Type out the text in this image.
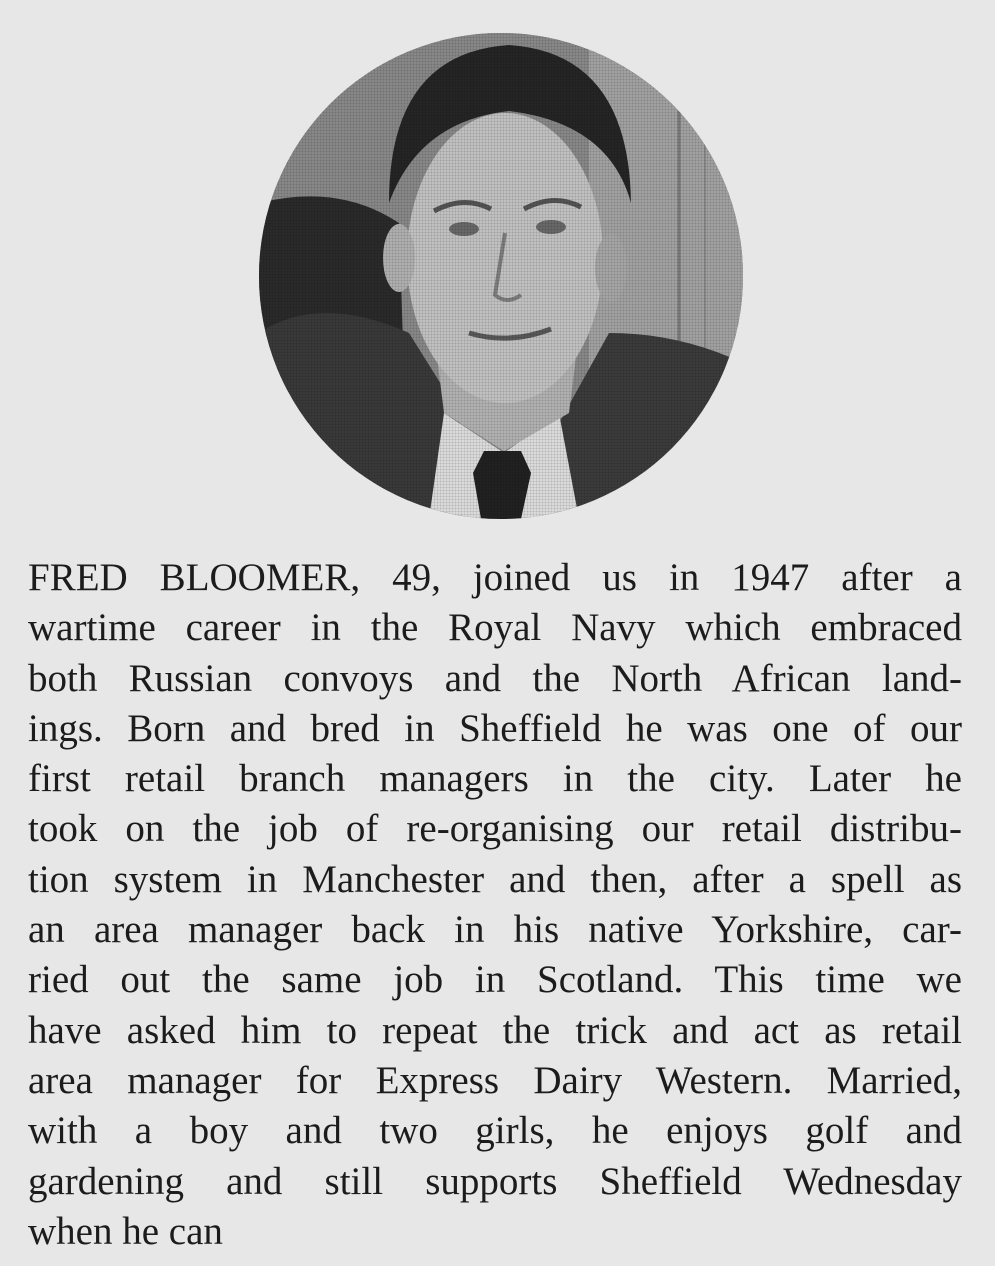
FRED BLOOMER, 49, joined us in 1947 after a
wartime career in the Royal Navy which embraced
both Russian convoys and the North African land-
ings. Born and bred in Sheffield he was one of our
first retail branch managers in the city. Later he
took on the job of re-organising our retail distribu-
tion system in Manchester and then, after a spell as
an area manager back in his native Yorkshire, car-
ried out the same job in Scotland. This time we
have asked him to repeat the trick and act as retail
area manager for Express Dairy Western. Married,
with a boy and two girls, he enjoys golf and
gardening and still supports Sheffield Wednesday
when he can
